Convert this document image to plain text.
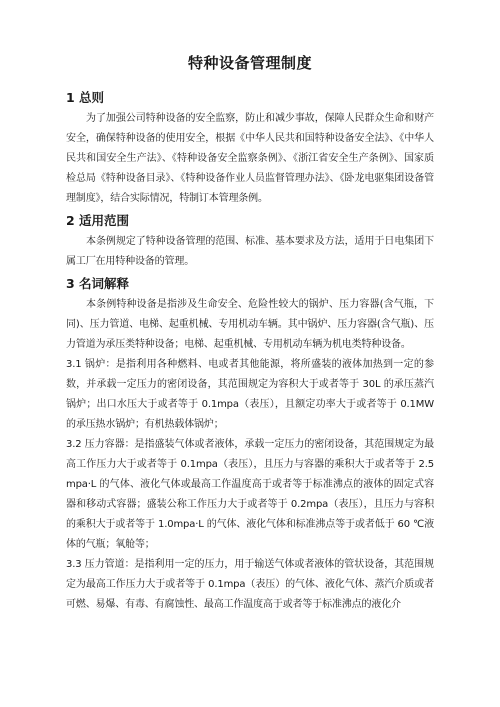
特种设备管理制度
1 总则

为了加强公司特种设备的安全监察，防止和减少事故，保障人民群众生命和财产安全，确保特种设备的使用安全，根据《中华人民共和国特种设备安全法》、《中华人民共和国安全生产法》、《特种设备安全监察条例》、《浙江省安全生产条例》、国家质检总局《特种设备目录》、《特种设备作业人员监督管理办法》、《卧龙电驱集团设备管理制度》，结合实际情况，特制订本管理条例。

2 适用范围

本条例规定了特种设备管理的范围、标准、基本要求及方法，适用于日电集团下属工厂在用特种设备的管理。

3 名词解释

本条例特种设备是指涉及生命安全、危险性较大的锅炉、压力容器(含气瓶，下同)、压力管道、电梯、起重机械、专用机动车辆。其中锅炉、压力容器(含气瓶)、压力管道为承压类特种设备；电梯、起重机械、专用机动车辆为机电类特种设备。

3.1 锅炉：是指利用各种燃料、电或者其他能源，将所盛装的液体加热到一定的参数，并承载一定压力的密闭设备，其范围规定为容积大于或者等于 30L 的承压蒸汽锅炉；出口水压大于或者等于 0.1mpa（表压），且额定功率大于或者等于 0.1MW 的承压热水锅炉；有机热载体锅炉；

3.2 压力容器：是指盛装气体或者液体，承载一定压力的密闭设备，其范围规定为最高工作压力大于或者等于 0.1mpa（表压），且压力与容器的乘积大于或者等于 2.5mpa·L 的气体、液化气体或最高工作温度高于或者等于标准沸点的液体的固定式容器和移动式容器；盛装公称工作压力大于或者等于 0.2mpa（表压），且压力与容积的乘积大于或者等于 1.0mpa·L 的气体、液化气体和标准沸点等于或者低于 60 ℃液体的气瓶；氧舱等；

3.3 压力管道：是指利用一定的压力，用于输送气体或者液体的管状设备，其范围规定为最高工作压力大于或者等于 0.1mpa（表压）的气体、液化气体、蒸汽介质或者可燃、易爆、有毒、有腐蚀性、最高工作温度高于或者等于标准沸点的液化介
